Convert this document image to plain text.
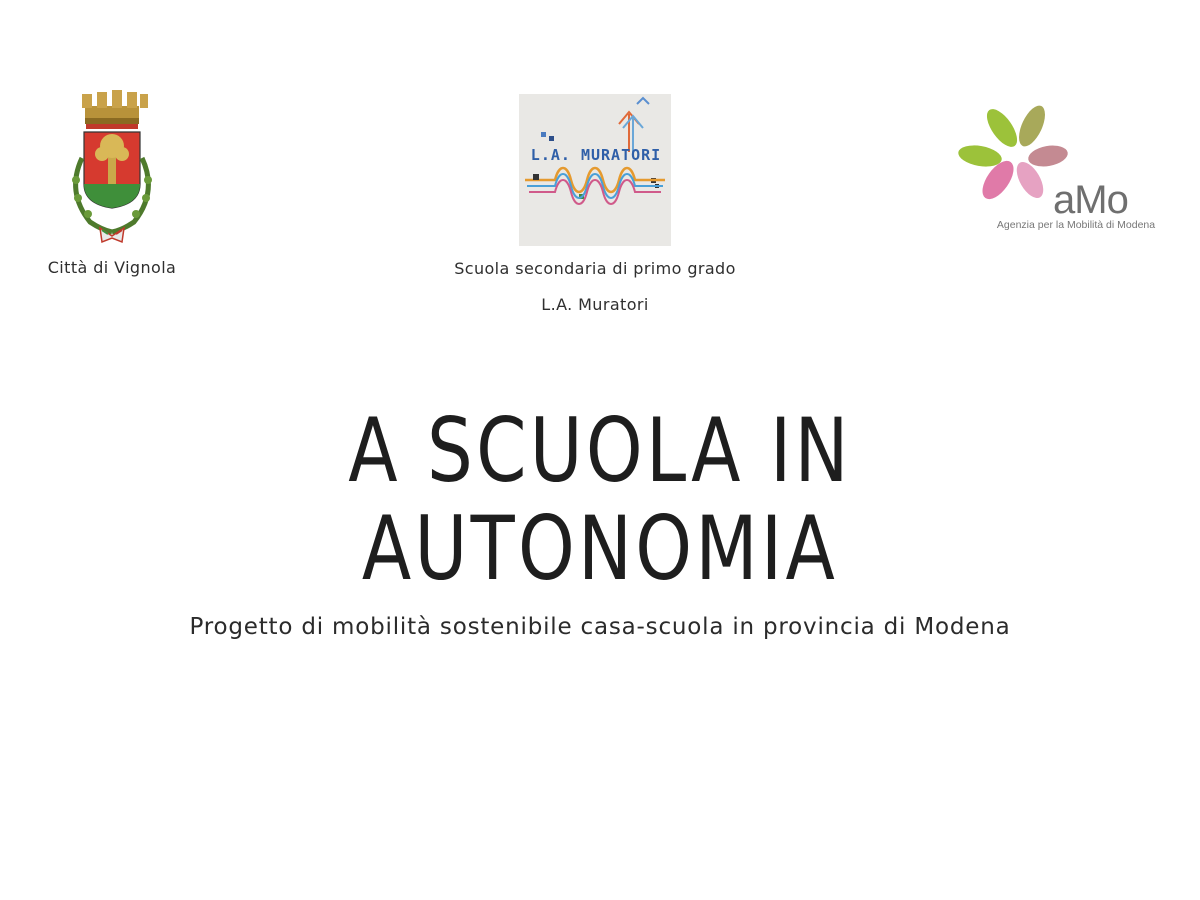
Città di Vignola
L.A. MURATORI
Scuola secondaria di primo grado
L.A. Muratori
aMo
Agenzia per la Mobilità di Modena
A SCUOLA IN
AUTONOMIA
Progetto di mobilità sostenibile casa-scuola in provincia di Modena
